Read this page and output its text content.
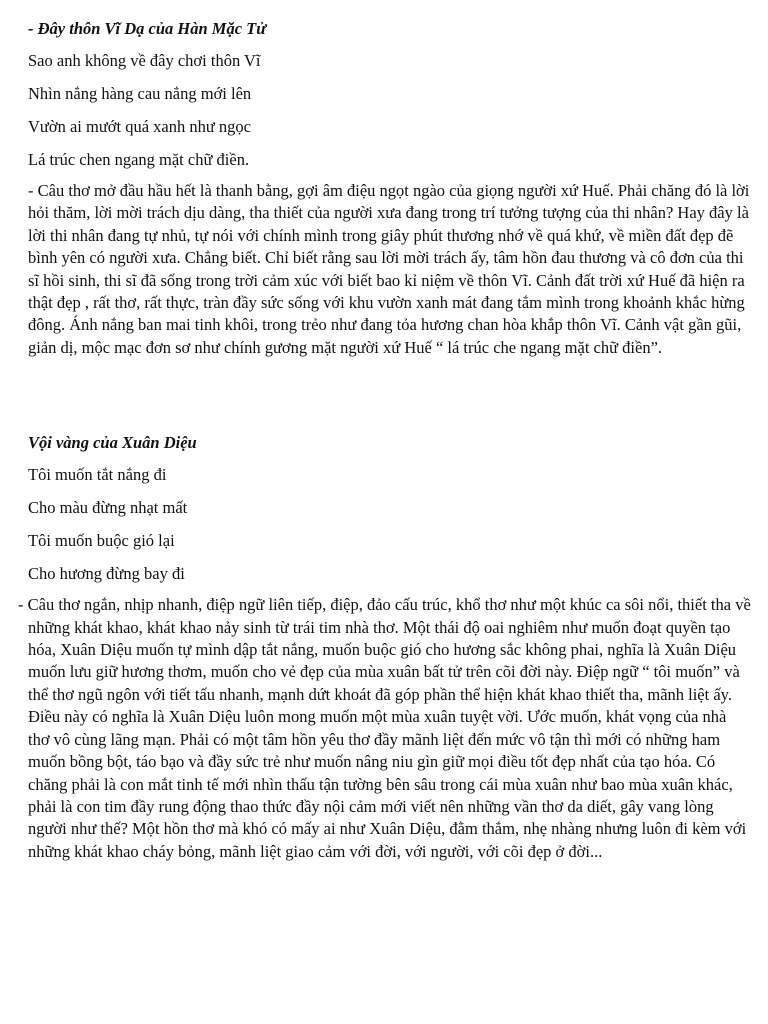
- Đây thôn Vĩ Dạ của Hàn Mặc Tử

Sao anh không về đây chơi thôn Vĩ

Nhìn nắng hàng cau nắng mới lên

Vườn ai mướt quá xanh như ngọc

Lá trúc chen ngang mặt chữ điền.

- Câu thơ mở đầu hầu hết là thanh bằng, gợi âm điệu ngọt ngào của giọng người xứ Huế. Phải chăng đó là lời hỏi thăm, lời mời trách dịu dàng, tha thiết của người xưa đang trong trí tưởng tượng của thi nhân? Hay đây là lời thi nhân đang tự nhủ, tự nói với chính mình trong giây phút thương nhớ về quá khứ, về miền đất đẹp đẽ bình yên có người xưa. Chẳng biết. Chỉ biết rằng sau lời mời trách ấy, tâm hồn đau thương và cô đơn của thi sĩ hồi sinh, thi sĩ đã sống trong trời cảm xúc với biết bao kỉ niệm về thôn Vĩ. Cảnh đất trời xứ Huế đã hiện ra thật đẹp , rất thơ, rất thực, tràn đầy sức sống với khu vườn xanh mát đang tắm mình trong khoảnh khắc hừng đông. Ánh nắng ban mai tinh khôi, trong trẻo như đang tỏa hương chan hòa khắp thôn Vĩ. Cảnh vật gần gũi, giản dị, mộc mạc đơn sơ như chính gương mặt người xứ Huế “ lá trúc che ngang mặt chữ điền”.

Vội vàng của Xuân Diệu

Tôi muốn tắt nắng đi

Cho màu đừng nhạt mất

Tôi muốn buộc gió lại

Cho hương đừng bay đi

- Câu thơ ngắn, nhịp nhanh, điệp ngữ liên tiếp, điệp, đảo cấu trúc, khổ thơ như một khúc ca sôi nổi, thiết tha về những khát khao, khát khao nảy sinh từ trái tim nhà thơ. Một thái độ oai nghiêm như muốn đoạt quyền tạo hóa, Xuân Diệu muốn tự mình dập tắt nắng, muốn buộc gió cho hương sắc không phai, nghĩa là Xuân Diệu muốn lưu giữ hương thơm, muốn cho vẻ đẹp của mùa xuân bất tử trên cõi đời này. Điệp ngữ “ tôi muốn” và thể thơ ngũ ngôn với tiết tấu nhanh, mạnh dứt khoát đã góp phần thể hiện khát khao thiết tha, mãnh liệt ấy. Điều này có nghĩa là Xuân Diệu luôn mong muốn một mùa xuân tuyệt vời. Ước muốn, khát vọng của nhà thơ vô cùng lãng mạn. Phải có một tâm hồn yêu thơ đầy mãnh liệt đến mức vô tận thì mới có những ham muốn bồng bột, táo bạo và đầy sức trẻ như muốn nâng niu gìn giữ mọi điều tốt đẹp nhất của tạo hóa. Có chăng phải là con mắt tinh tế mới nhìn thấu tận tường bên sâu trong cái mùa xuân như bao mùa xuân khác, phải là con tim đầy rung động thao thức đầy nội cảm mới viết nên những vần thơ da diết, gây vang lòng người như thế? Một hồn thơ mà khó có mấy ai như Xuân Diệu, đằm thắm, nhẹ nhàng nhưng luôn đi kèm với những khát khao cháy bỏng, mãnh liệt giao cảm với đời, với người, với cõi đẹp ở đời...
